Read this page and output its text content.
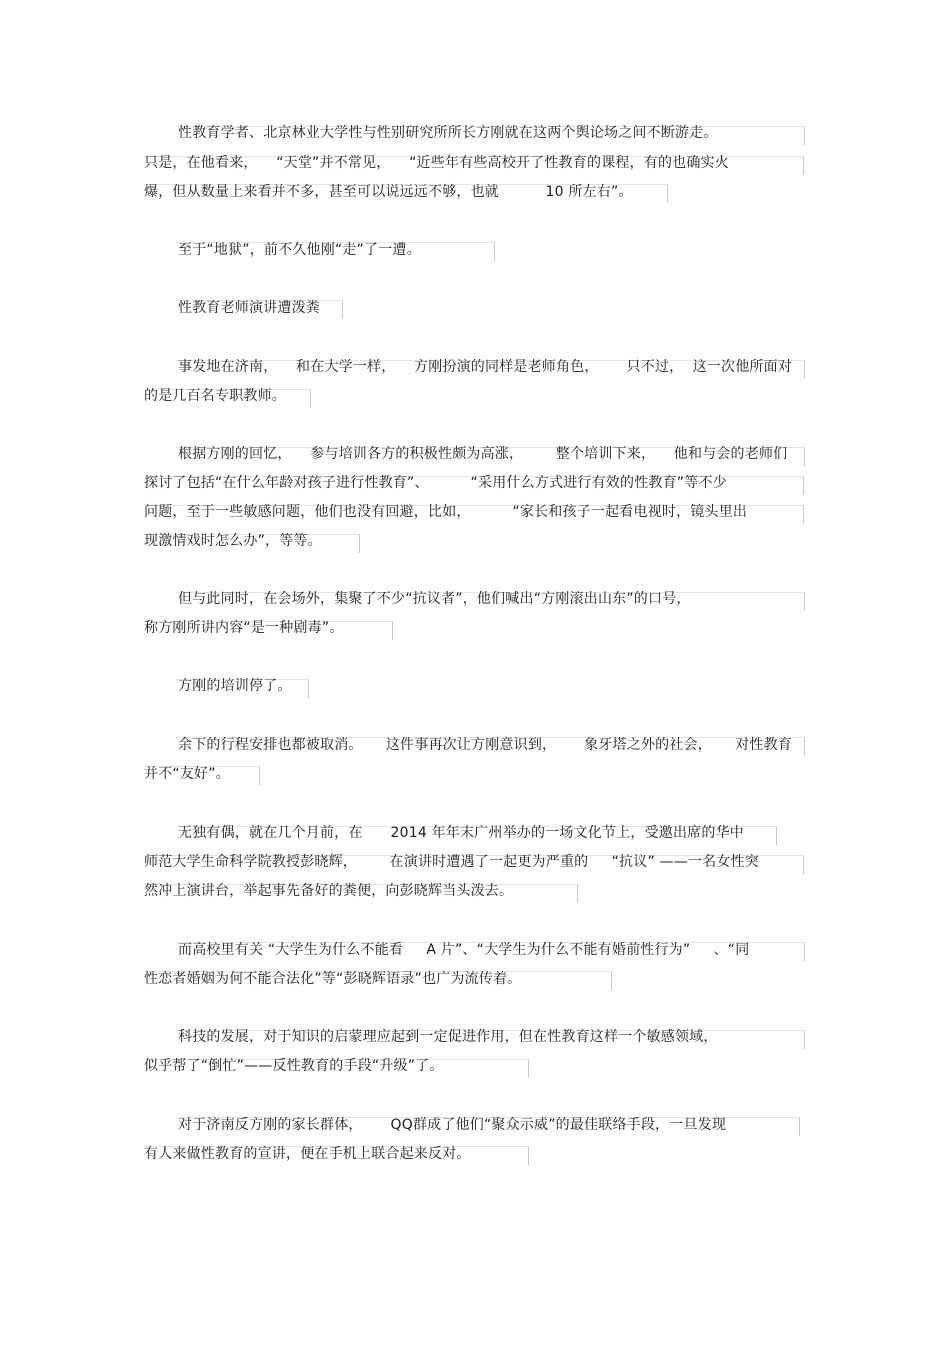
性教育学者、北京林业大学性与性别研究所所长方刚就在这两个舆论场之间不断游走。
只是，在他看来，    “天堂”并不常见，    “近些年有些高校开了性教育的课程，有的也确实火
爆，但从数量上来看并不多，甚至可以说远远不够，也就          10 所左右”。
至于“地狱”，前不久他刚“走”了一遭。
性教育老师演讲遭泼粪
事发地在济南，    和在大学一样，    方刚扮演的同样是老师角色，      只不过，  这一次他所面对
的是几百名专职教师。
根据方刚的回忆，    参与培训各方的积极性颇为高涨，       整个培训下来，    他和与会的老师们
探讨了包括“在什么年龄对孩子进行性教育”、         “采用什么方式进行有效的性教育”等不少
问题，至于一些敏感问题，他们也没有回避，比如，         “家长和孩子一起看电视时，镜头里出
现激情戏时怎么办”，等等。
但与此同时，在会场外，集聚了不少“抗议者”，他们喊出“方刚滚出山东”的口号，
称方刚所讲内容“是一种剧毒”。
方刚的培训停了。
余下的行程安排也都被取消。     这件事再次让方刚意识到，      象牙塔之外的社会，     对性教育
并不“友好”。
无独有偶，就在几个月前，在      2014 年年末广州举办的一场文化节上，受邀出席的华中
师范大学生命科学院教授彭晓辉，       在演讲时遭遇了一起更为严重的     “抗议” ——一名女性突
然冲上演讲台，举起事先备好的粪便，向彭晓辉当头泼去。
而高校里有关 “大学生为什么不能看     A 片”、“大学生为什么不能有婚前性行为”     、“同
性恋者婚姻为何不能合法化”等“彭晓辉语录”也广为流传着。
科技的发展，对于知识的启蒙理应起到一定促进作用，但在性教育这样一个敏感领域，
似乎帮了“倒忙”——反性教育的手段“升级”了。
对于济南反方刚的家长群体，      QQ群成了他们“聚众示威”的最佳联络手段，一旦发现
有人来做性教育的宣讲，便在手机上联合起来反对。
